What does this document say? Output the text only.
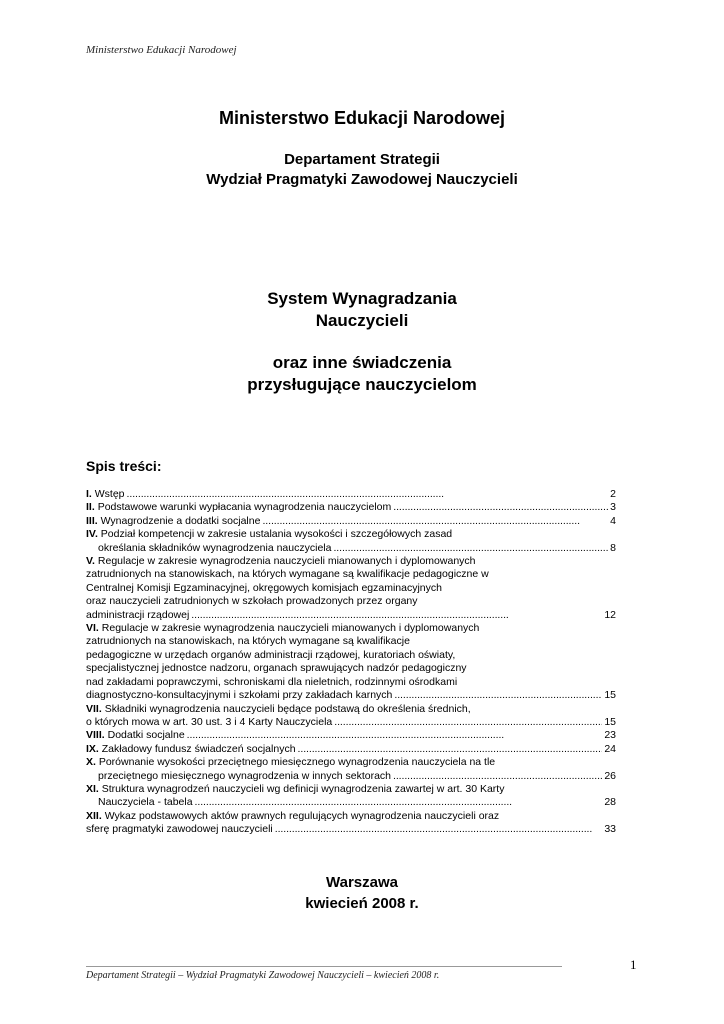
Ministerstwo Edukacji Narodowej
Ministerstwo Edukacji Narodowej
Departament Strategii
Wydział Pragmatyki Zawodowej Nauczycieli
System Wynagradzania
Nauczycieli
oraz inne świadczenia
przysługujące nauczycielom
Spis treści:
I. Wstęp . . .	2
II. Podstawowe warunki wypłacania wynagrodzenia nauczycielom . . .	3
III. Wynagrodzenie a dodatki socjalne . . .	4
IV. Podział kompetencji w zakresie ustalania wysokości i szczegółowych zasad
określania składników wynagrodzenia nauczyciela . . .	8
V. Regulacje w zakresie wynagrodzenia nauczycieli mianowanych i dyplomowanych
zatrudnionych na stanowiskach, na których wymagane są kwalifikacje pedagogiczne w
Centralnej Komisji Egzaminacyjnej, okręgowych komisjach egzaminacyjnych
oraz nauczycieli zatrudnionych w szkołach prowadzonych przez organy
administracji rządowej . . .	12
VI. Regulacje w zakresie wynagrodzenia nauczycieli mianowanych i dyplomowanych
zatrudnionych na stanowiskach, na których wymagane są kwalifikacje
pedagogiczne w urzędach organów administracji rządowej, kuratoriach oświaty,
specjalistycznej jednostce nadzoru, organach sprawujących nadzór pedagogiczny
nad zakładami poprawczymi, schroniskami dla nieletnich, rodzinnymi ośrodkami
diagnostyczno-konsultacyjnymi i szkołami przy zakładach karnych . . .	15
VII. Składniki wynagrodzenia nauczycieli będące podstawą do określenia średnich,
o których mowa w art. 30 ust. 3 i 4 Karty Nauczyciela . . .	15
VIII. Dodatki socjalne . . .	23
IX. Zakładowy fundusz świadczeń socjalnych . . .	24
X. Porównanie wysokości przeciętnego miesięcznego wynagrodzenia nauczyciela na tle
przeciętnego miesięcznego wynagrodzenia w innych sektorach . . .	26
XI. Struktura wynagrodzeń nauczycieli wg definicji wynagrodzenia zawartej w art. 30 Karty
Nauczyciela - tabela . . .	28
XII. Wykaz podstawowych aktów prawnych regulujących wynagrodzenia nauczycieli oraz
sferę pragmatyki zawodowej nauczycieli . . .	33
Warszawa
kwiecień 2008 r.
Departament Strategii – Wydział Pragmatyki Zawodowej Nauczycieli – kwiecień 2008 r.
1
